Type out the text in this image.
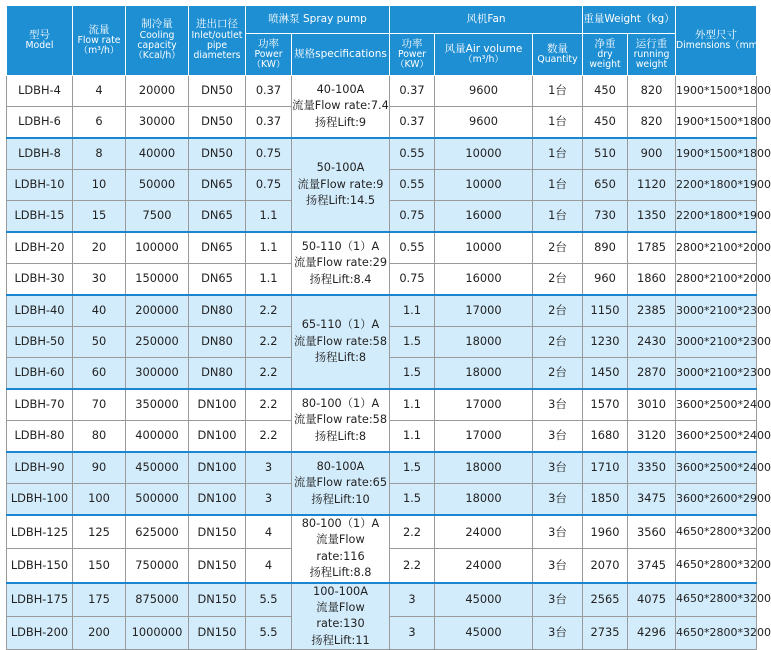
型号
Model	流量
Flow rate
（m³/h）	制冷量
Cooling
capacity
（Kcal/h）	进出口径
Inlet/outlet
pipe
diameters	喷淋泵 Spray pump		风机Fan			重量Weight（kg）		外型尺寸
Dimensions（mm）

				功率
Power
（KW）	规格specifications	功率
Power
（KW）	风量Air volume
（m³/h）	数量
Quantity	净重
dry
weight	运行重
running
weight	

LDBH-4	4	20000	DN50	0.37	40-100A
流量Flow rate:7.4
扬程Lift:9	0.37	9600	1台	450	820	1900*1500*1800
LDBH-6	6	30000	DN50	0.37		0.37	9600	1台	450	820	1900*1500*1800
LDBH-8	8	40000	DN50	0.75	50-100A
流量Flow rate:9
扬程Lift:14.5	0.55	10000	1台	510	900	1900*1500*1800
LDBH-10	10	50000	DN65	0.75		0.55	10000	1台	650	1120	2200*1800*1900
LDBH-15	15	7500	DN65	1.1		0.75	16000	1台	730	1350	2200*1800*1900
LDBH-20	20	100000	DN65	1.1	50-110（1）A
流量Flow rate:29
扬程Lift:8.4	0.55	10000	2台	890	1785	2800*2100*2000
LDBH-30	30	150000	DN65	1.1		0.75	16000	2台	960	1860	2800*2100*2000
LDBH-40	40	200000	DN80	2.2	65-110（1）A
流量Flow rate:58
扬程Lift:8	1.1	17000	2台	1150	2385	3000*2100*2300
LDBH-50	50	250000	DN80	2.2		1.5	18000	2台	1230	2430	3000*2100*2300
LDBH-60	60	300000	DN80	2.2		1.5	18000	2台	1450	2870	3000*2100*2300
LDBH-70	70	350000	DN100	2.2	80-100（1）A
流量Flow rate:58
扬程Lift:8	1.1	17000	3台	1570	3010	3600*2500*2400
LDBH-80	80	400000	DN100	2.2		1.1	17000	3台	1680	3120	3600*2500*2400
LDBH-90	90	450000	DN100	3	80-100A
流量Flow rate:65
扬程Lift:10	1.5	18000	3台	1710	3350	3600*2500*2400
LDBH-100	100	500000	DN100	3		1.5	18000	3台	1850	3475	3600*2600*2900
LDBH-125	125	625000	DN150	4	80-100（1）A
流量Flow rate:116
扬程Lift:8.8	2.2	24000	3台	1960	3560	4650*2800*3200
LDBH-150	150	750000	DN150	4		2.2	24000	3台	2070	3745	4650*2800*3200
LDBH-175	175	875000	DN150	5.5	100-100A
流量Flow rate:130
扬程Lift:11	3	45000	3台	2565	4075	4650*2800*3200
LDBH-200	200	1000000	DN150	5.5		3	45000	3台	2735	4296	4650*2800*3200
